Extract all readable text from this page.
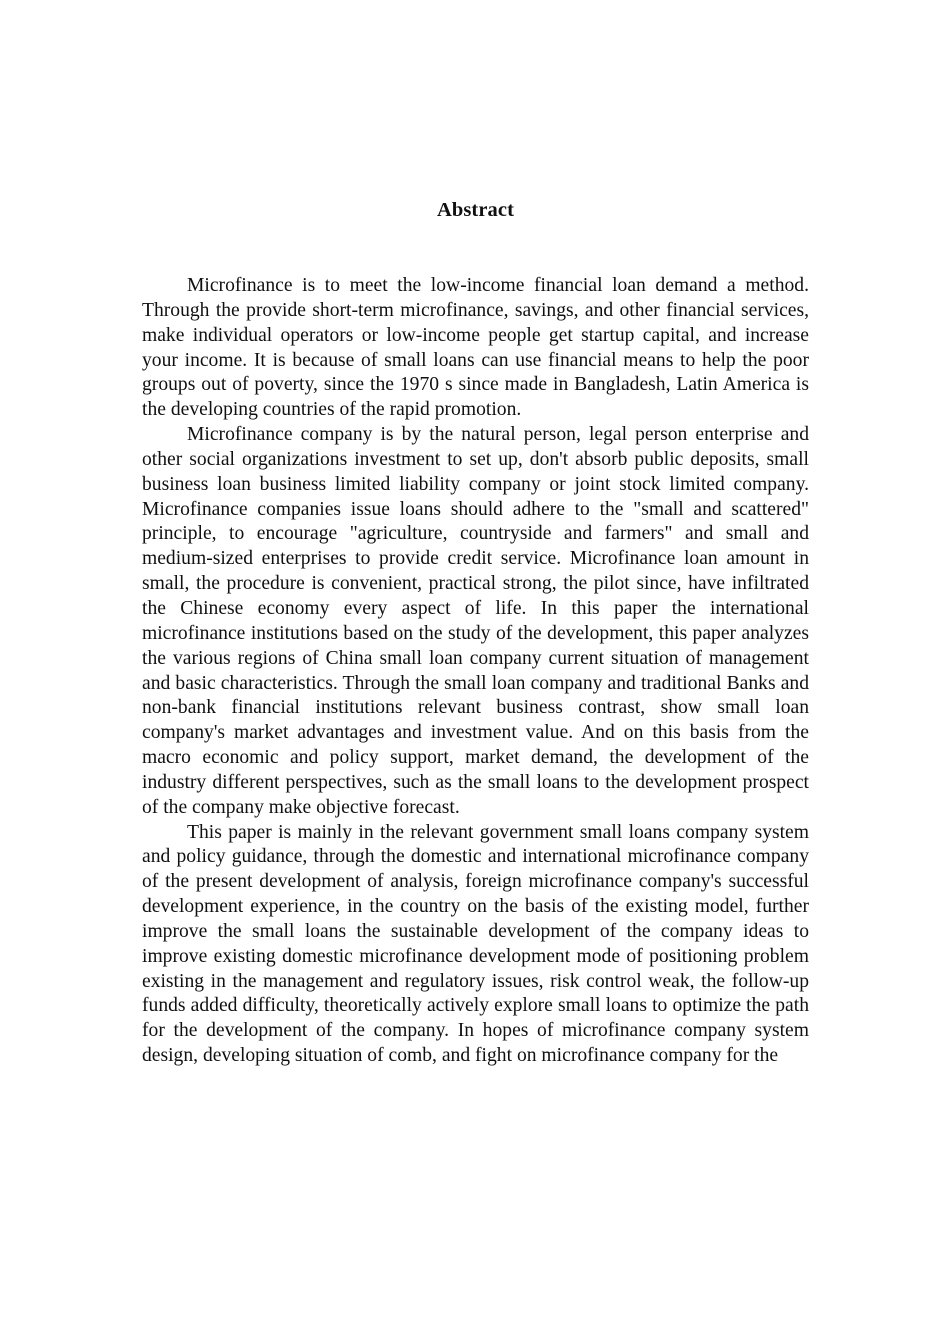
Abstract

Microfinance is to meet the low-income financial loan demand a method. Through the provide short-term microfinance, savings, and other financial services, make individual operators or low-income people get startup capital, and increase your income. It is because of small loans can use financial means to help the poor groups out of poverty, since the 1970 s since made in Bangladesh, Latin America is the developing countries of the rapid promotion.

Microfinance company is by the natural person, legal person enterprise and other social organizations investment to set up, don't absorb public deposits, small business loan business limited liability company or joint stock limited company. Microfinance companies issue loans should adhere to the "small and scattered" principle, to encourage "agriculture, countryside and farmers" and small and medium-sized enterprises to provide credit service. Microfinance loan amount in small, the procedure is convenient, practical strong, the pilot since, have infiltrated the Chinese economy every aspect of life. In this paper the international microfinance institutions based on the study of the development, this paper analyzes the various regions of China small loan company current situation of management and basic characteristics. Through the small loan company and traditional Banks and non-bank financial institutions relevant business contrast, show small loan company's market advantages and investment value. And on this basis from the macro economic and policy support, market demand, the development of the industry different perspectives, such as the small loans to the development prospect of the company make objective forecast.

This paper is mainly in the relevant government small loans company system and policy guidance, through the domestic and international microfinance company of the present development of analysis, foreign microfinance company's successful development experience, in the country on the basis of the existing model, further improve the small loans the sustainable development of the company ideas to improve existing domestic microfinance development mode of positioning problem existing in the management and regulatory issues, risk control weak, the follow-up funds added difficulty, theoretically actively explore small loans to optimize the path for the development of the company. In hopes of microfinance company system design, developing situation of comb, and fight on microfinance company for the
